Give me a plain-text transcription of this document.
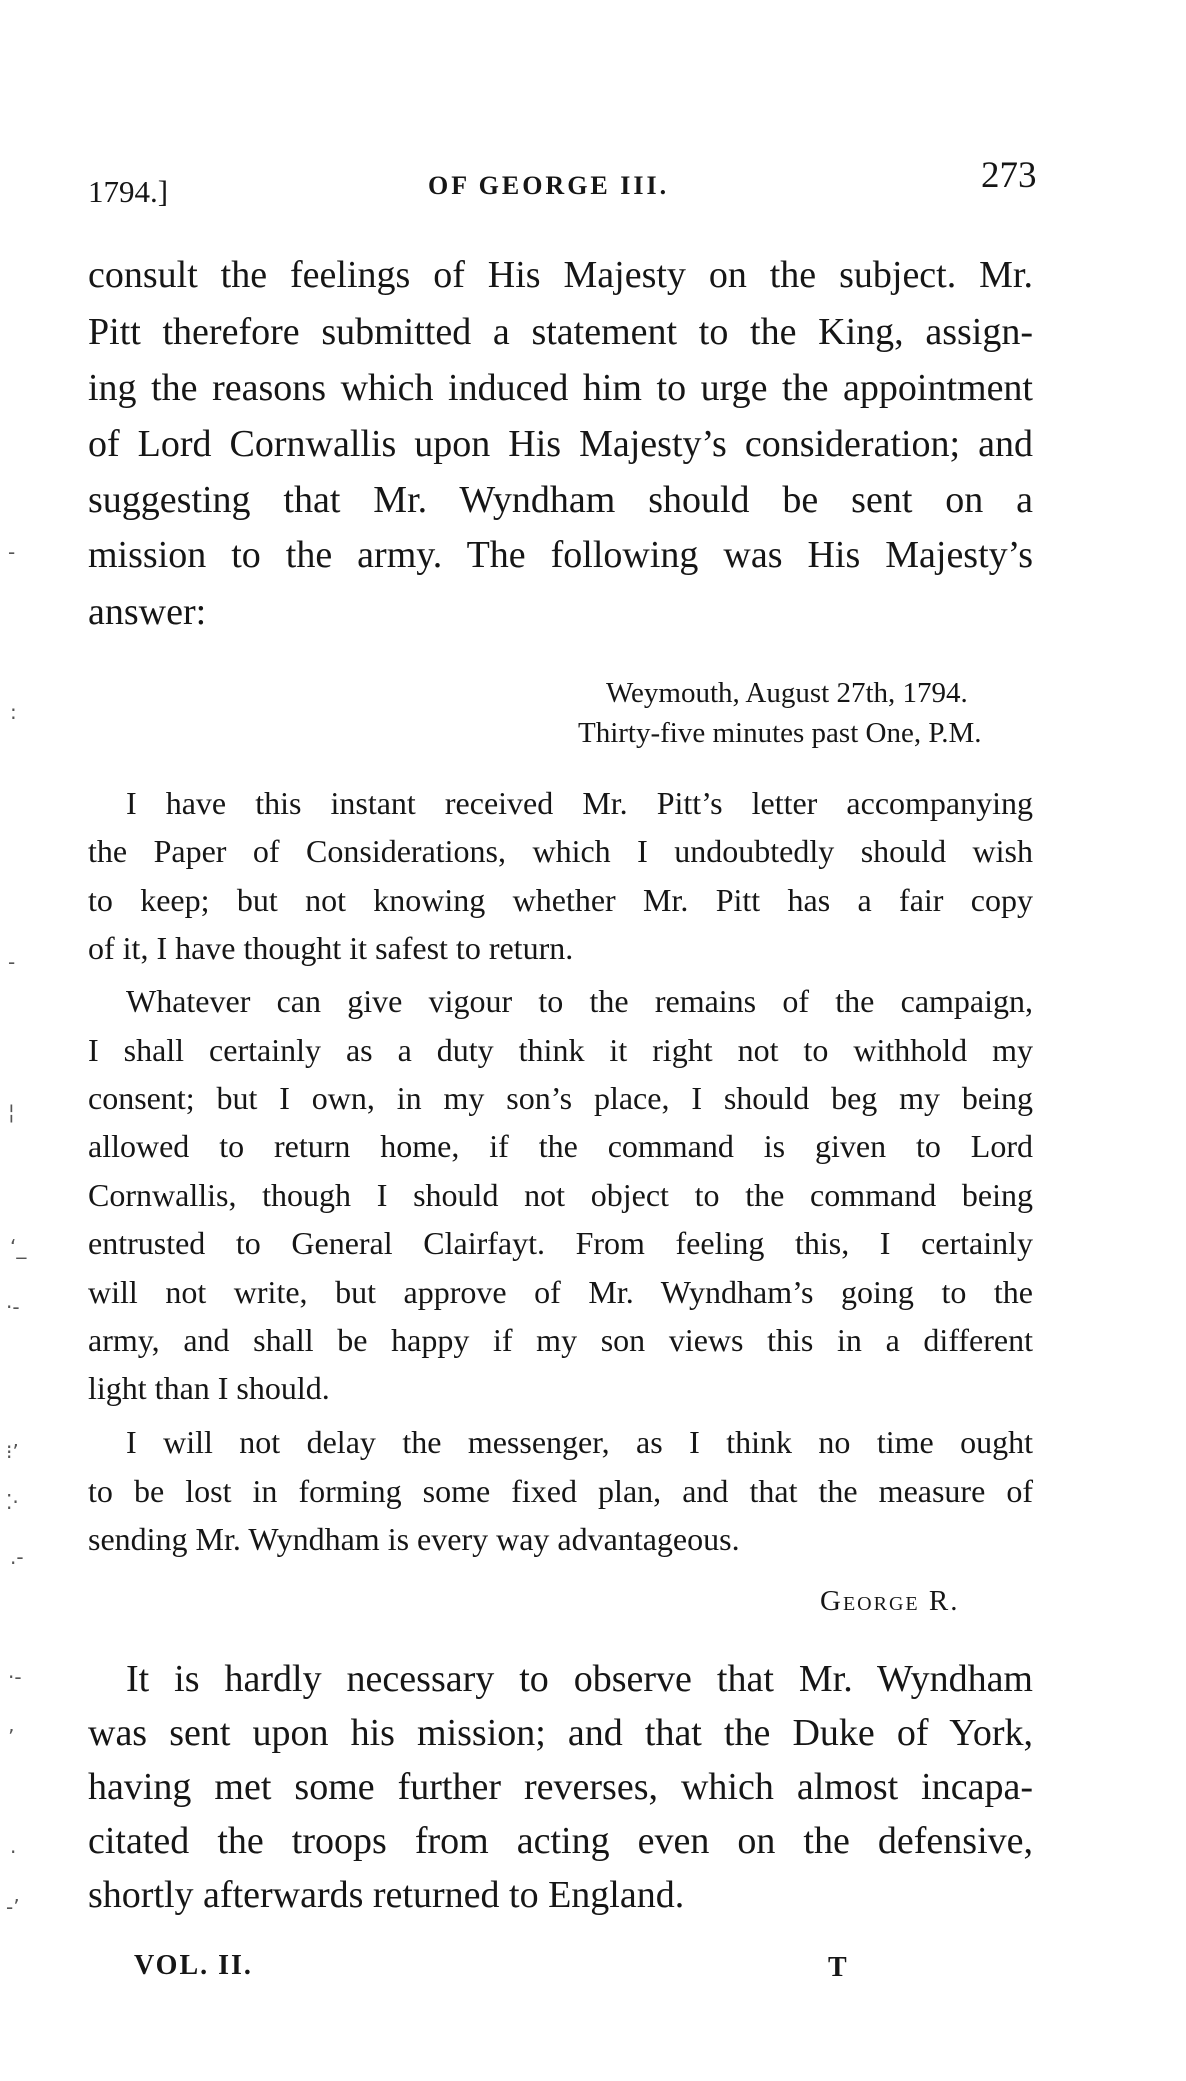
1794.]	OF GEORGE III.	273
consult the feelings of His Majesty on the subject. Mr.
Pitt therefore submitted a statement to the King, assign-
ing the reasons which induced him to urge the appointment
of Lord Cornwallis upon His Majesty’s consideration; and
suggesting that Mr. Wyndham should be sent on a
mission to the army. The following was His Majesty’s
answer:
Weymouth, August 27th, 1794.
Thirty-five minutes past One, P.M.
I have this instant received Mr. Pitt’s letter accompanying
the Paper of Considerations, which I undoubtedly should wish
to keep; but not knowing whether Mr. Pitt has a fair copy
of it, I have thought it safest to return.
Whatever can give vigour to the remains of the campaign,
I shall certainly as a duty think it right not to withhold my
consent; but I own, in my son’s place, I should beg my being
allowed to return home, if the command is given to Lord
Cornwallis, though I should not object to the command being
entrusted to General Clairfayt. From feeling this, I certainly
will not write, but approve of Mr. Wyndham’s going to the
army, and shall be happy if my son views this in a different
light than I should.
I will not delay the messenger, as I think no time ought
to be lost in forming some fixed plan, and that the measure of
sending Mr. Wyndham is every way advantageous.
George R.
It is hardly necessary to observe that Mr. Wyndham
was sent upon his mission; and that the Duke of York,
having met some further reverses, which almost incapa-
citated the troops from acting even on the defensive,
shortly afterwards returned to England.
VOL. II.	T
-
:
-
¦
‘_
·-
⁝’
⁚·
.-
·-
’
·
-’
